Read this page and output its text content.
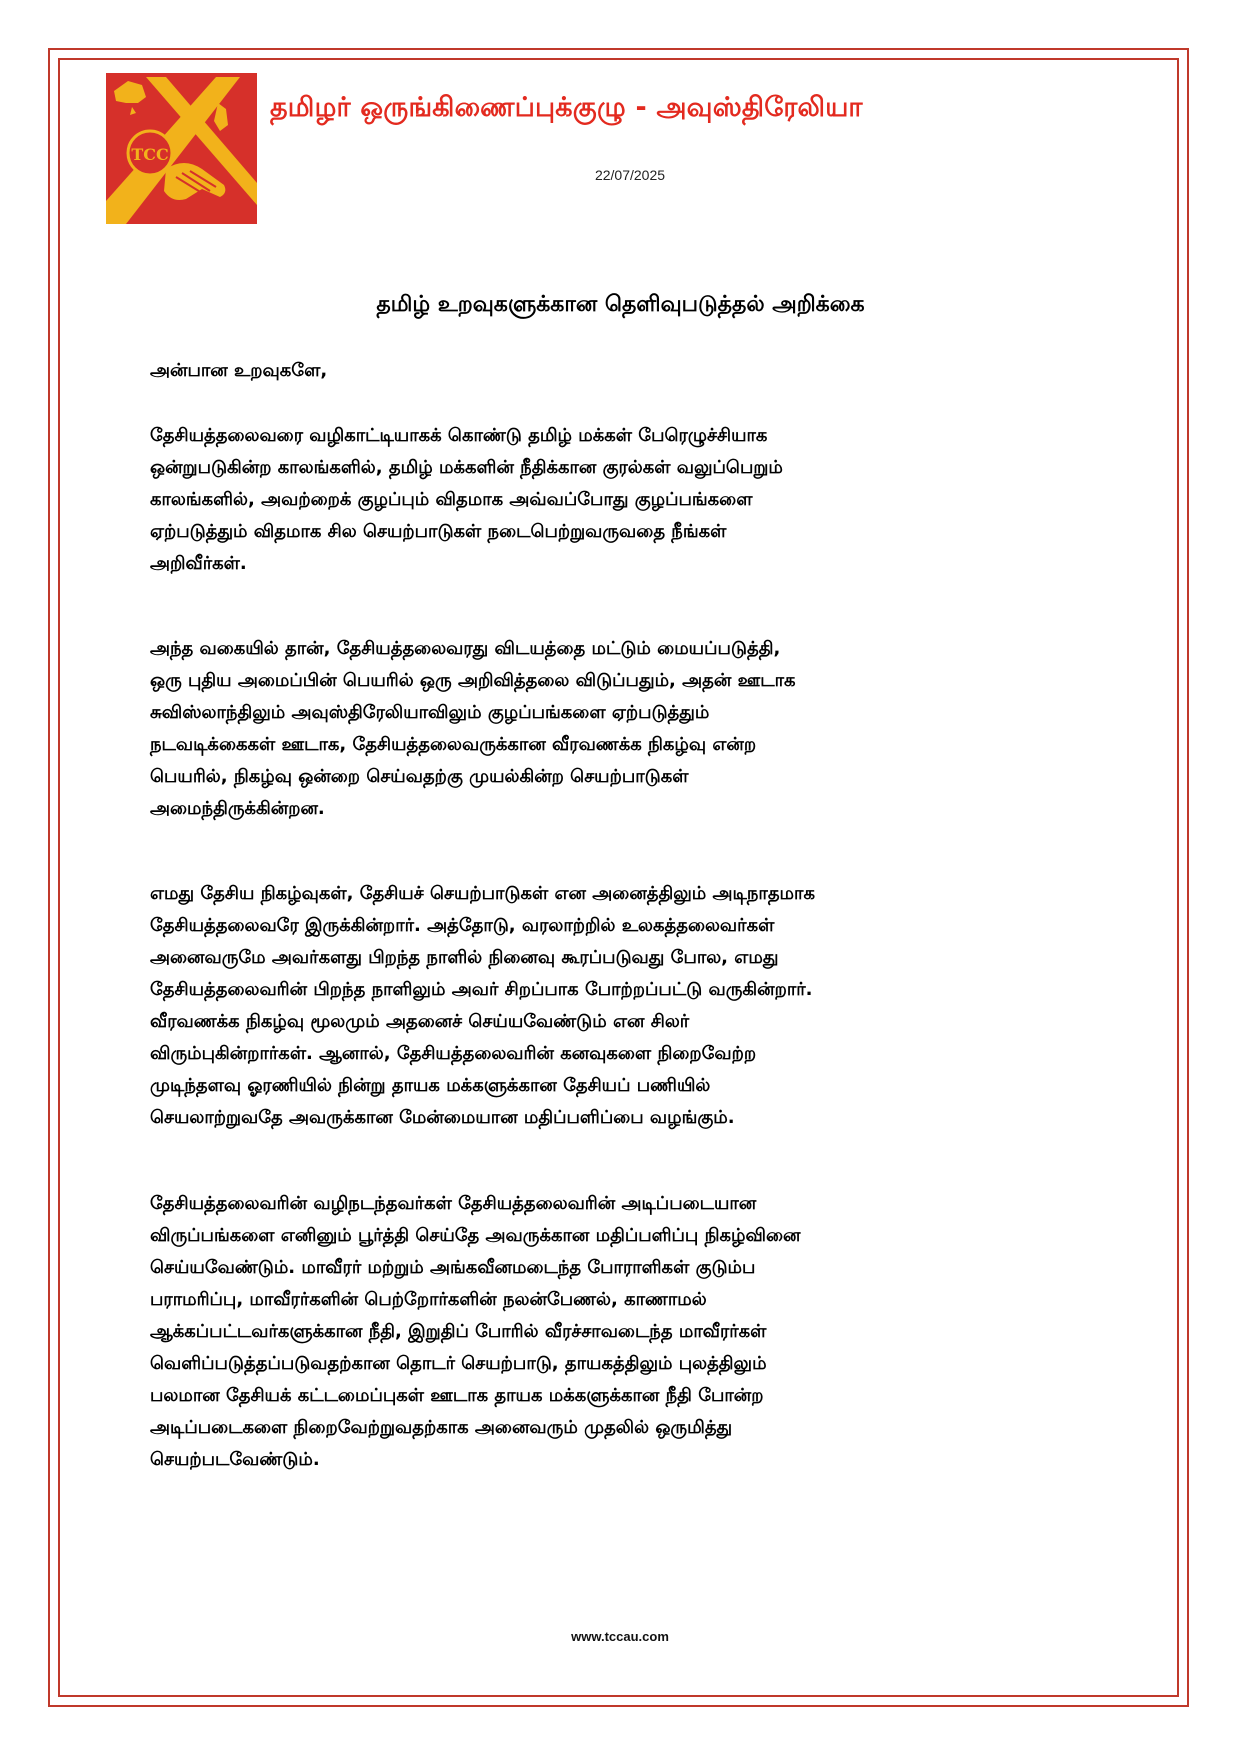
TCC
தமிழர் ஒருங்கிணைப்புக்குழு - அவுஸ்திரேலியா
22/07/2025
தமிழ் உறவுகளுக்கான தெளிவுபடுத்தல் அறிக்கை
அன்பான உறவுகளே,

தேசியத்தலைவரை வழிகாட்டியாகக் கொண்டு தமிழ் மக்கள் பேரெழுச்சியாக
ஒன்றுபடுகின்ற காலங்களில், தமிழ் மக்களின் நீதிக்கான குரல்கள் வலுப்பெறும்
காலங்களில், அவற்றைக் குழப்பும் விதமாக அவ்வப்போது குழப்பங்களை
ஏற்படுத்தும் விதமாக சில செயற்பாடுகள் நடைபெற்றுவருவதை நீங்கள்
அறிவீர்கள்.

அந்த வகையில் தான், தேசியத்தலைவரது விடயத்தை மட்டும் மையப்படுத்தி,
ஒரு புதிய அமைப்பின் பெயரில் ஒரு அறிவித்தலை விடுப்பதும், அதன் ஊடாக
சுவிஸ்லாந்திலும் அவுஸ்திரேலியாவிலும் குழப்பங்களை ஏற்படுத்தும்
நடவடிக்கைகள் ஊடாக, தேசியத்தலைவருக்கான வீரவணக்க நிகழ்வு என்ற
பெயரில், நிகழ்வு ஒன்றை செய்வதற்கு முயல்கின்ற செயற்பாடுகள்
அமைந்திருக்கின்றன.

எமது தேசிய நிகழ்வுகள், தேசியச் செயற்பாடுகள் என அனைத்திலும் அடிநாதமாக
தேசியத்தலைவரே இருக்கின்றார். அத்தோடு, வரலாற்றில் உலகத்தலைவர்கள்
அனைவருமே அவர்களது பிறந்த நாளில் நினைவு கூரப்படுவது போல, எமது
தேசியத்தலைவரின் பிறந்த நாளிலும் அவர் சிறப்பாக போற்றப்பட்டு வருகின்றார்.
வீரவணக்க நிகழ்வு மூலமும் அதனைச் செய்யவேண்டும் என சிலர்
விரும்புகின்றார்கள். ஆனால், தேசியத்தலைவரின் கனவுகளை நிறைவேற்ற
முடிந்தளவு ஓரணியில் நின்று தாயக மக்களுக்கான தேசியப் பணியில்
செயலாற்றுவதே அவருக்கான மேன்மையான மதிப்பளிப்பை வழங்கும்.

தேசியத்தலைவரின் வழிநடந்தவர்கள் தேசியத்தலைவரின் அடிப்படையான
விருப்பங்களை எனினும் பூர்த்தி செய்தே அவருக்கான மதிப்பளிப்பு நிகழ்வினை
செய்யவேண்டும். மாவீரர் மற்றும் அங்கவீனமடைந்த போராளிகள் குடும்ப
பராமரிப்பு, மாவீரர்களின் பெற்றோர்களின் நலன்பேணல், காணாமல்
ஆக்கப்பட்டவர்களுக்கான நீதி, இறுதிப் போரில் வீரச்சாவடைந்த மாவீரர்கள்
வெளிப்படுத்தப்படுவதற்கான தொடர் செயற்பாடு, தாயகத்திலும் புலத்திலும்
பலமான தேசியக் கட்டமைப்புகள் ஊடாக தாயக மக்களுக்கான நீதி போன்ற
அடிப்படைகளை நிறைவேற்றுவதற்காக அனைவரும் முதலில் ஒருமித்து
செயற்படவேண்டும்.

www.tccau.com
